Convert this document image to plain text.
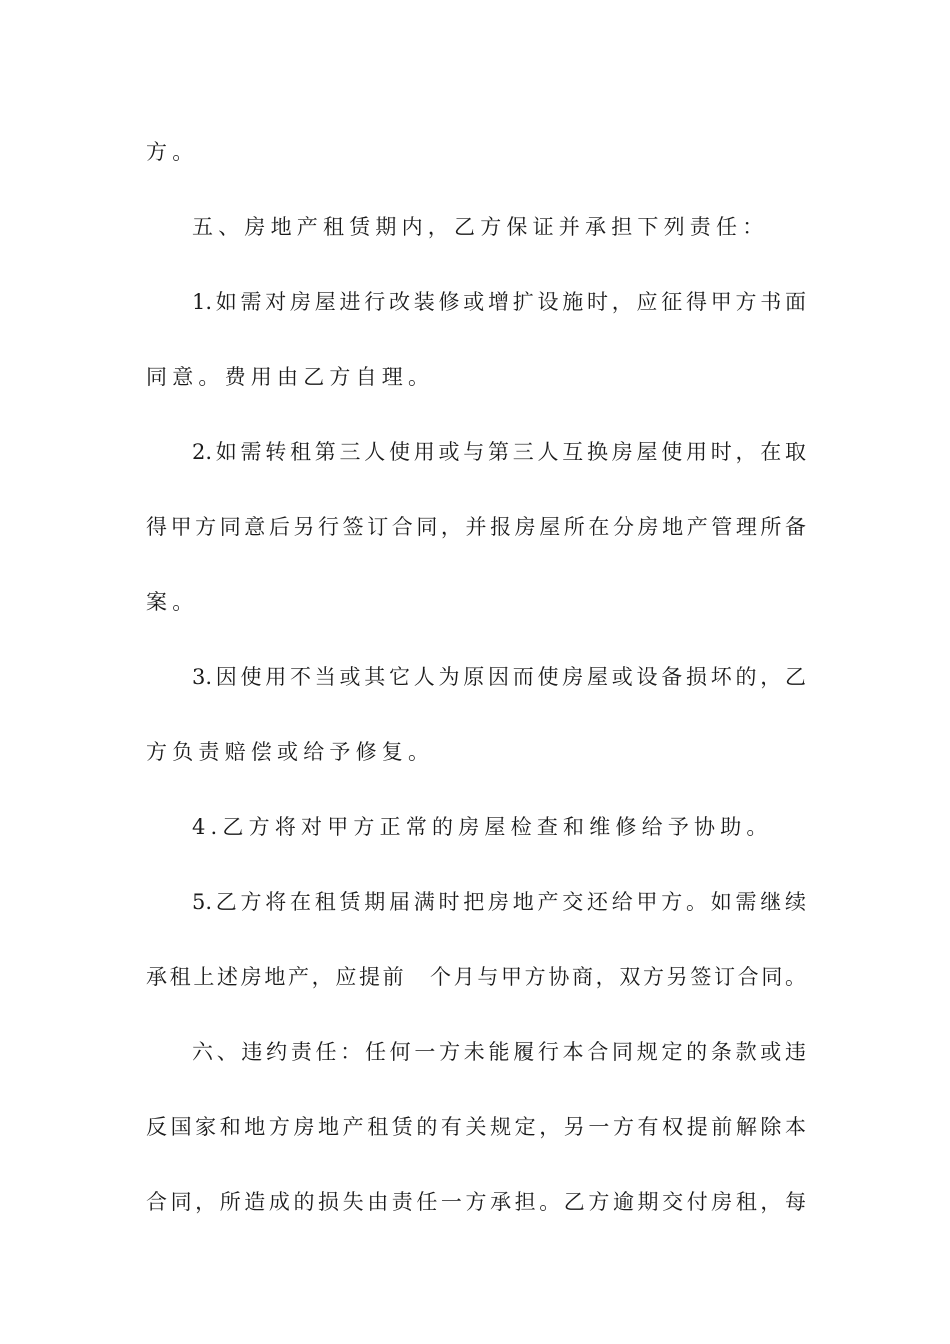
方。
五、房地产租赁期内，乙方保证并承担下列责任：
1.如需对房屋进行改装修或增扩设施时，应征得甲方书面
同意。费用由乙方自理。
2.如需转租第三人使用或与第三人互换房屋使用时，在取
得甲方同意后另行签订合同，并报房屋所在分房地产管理所备
案。
3.因使用不当或其它人为原因而使房屋或设备损坏的，乙
方负责赔偿或给予修复。
4.乙方将对甲方正常的房屋检查和维修给予协助。
5.乙方将在租赁期届满时把房地产交还给甲方。如需继续
承租上述房地产，应提前　个月与甲方协商，双方另签订合同。
六、违约责任：任何一方未能履行本合同规定的条款或违
反国家和地方房地产租赁的有关规定，另一方有权提前解除本
合同，所造成的损失由责任一方承担。乙方逾期交付房租，每
